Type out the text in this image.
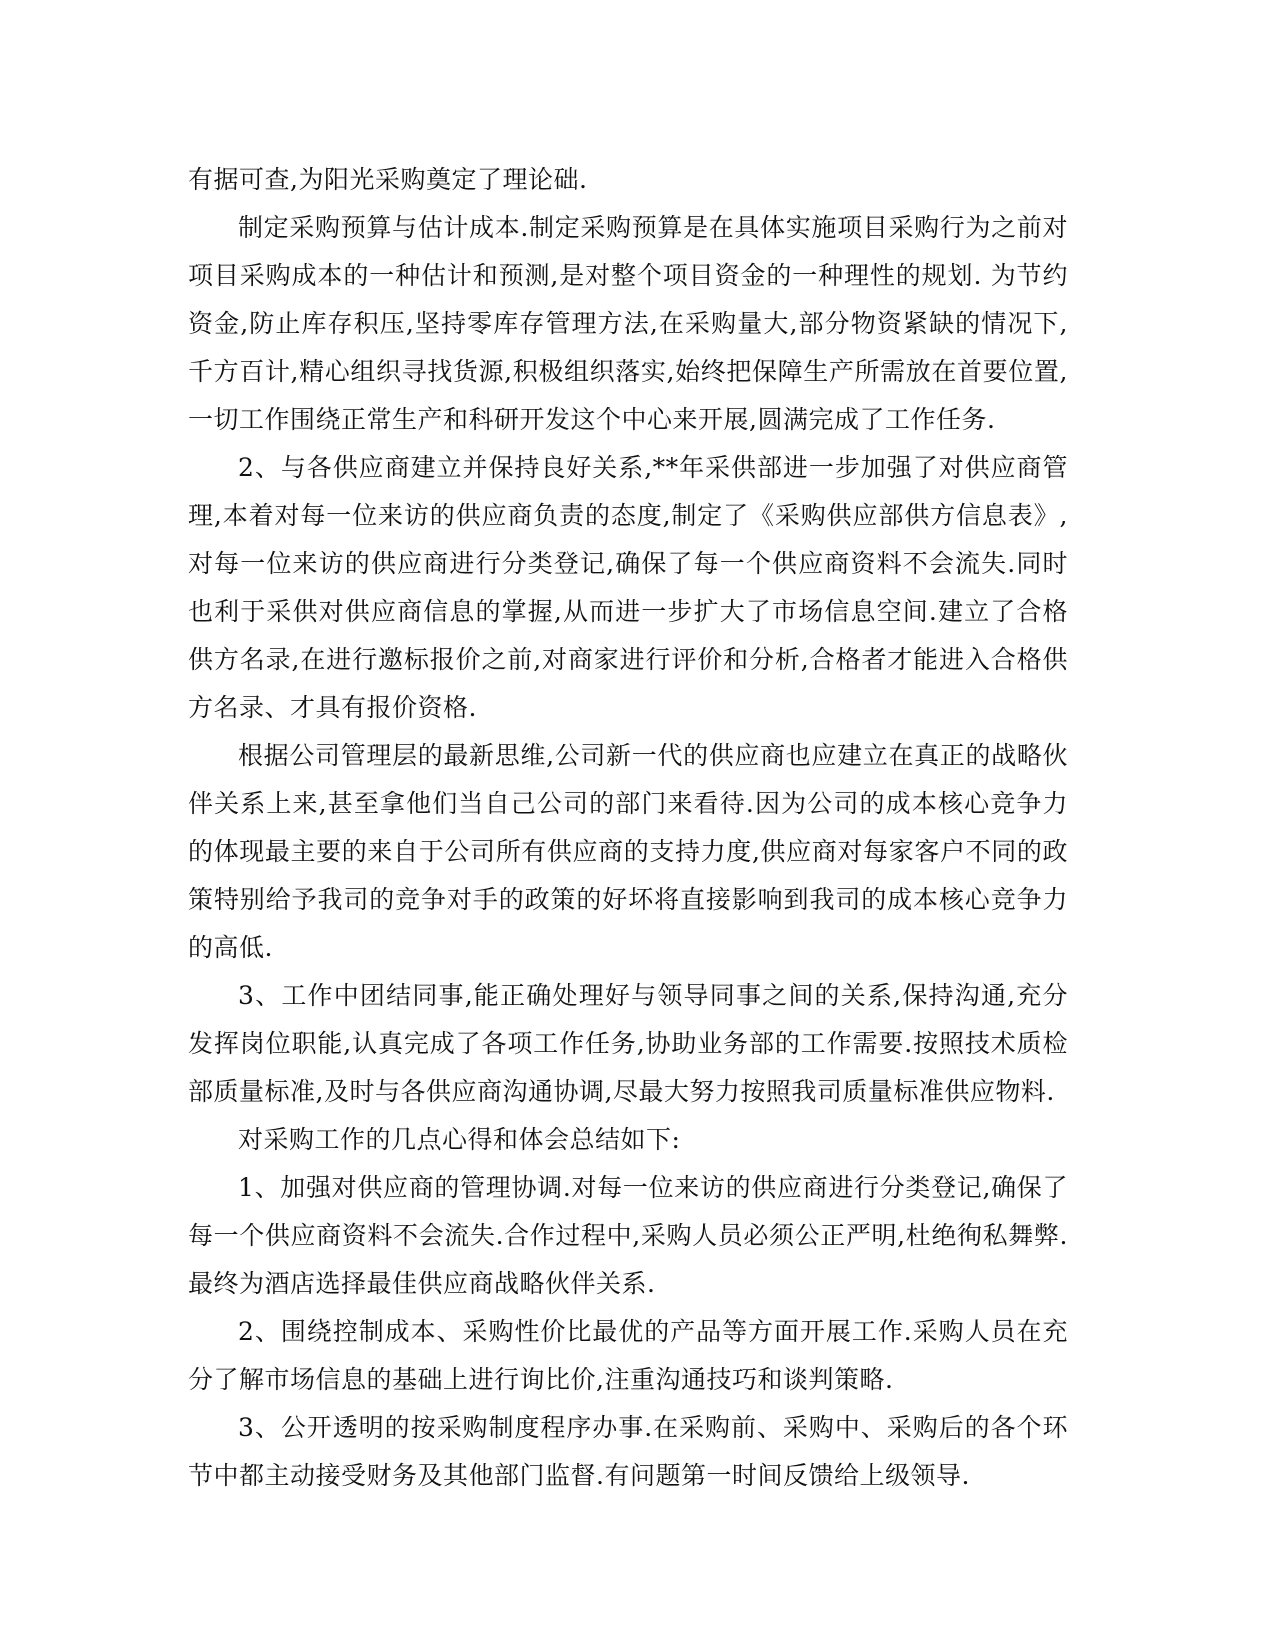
有据可查,为阳光采购奠定了理论础.

制定采购预算与估计成本.制定采购预算是在具体实施项目采购行为之前对项目采购成本的一种估计和预测,是对整个项目资金的一种理性的规划. 为节约资金,防止库存积压,坚持零库存管理方法,在采购量大,部分物资紧缺的情况下,千方百计,精心组织寻找货源,积极组织落实,始终把保障生产所需放在首要位置,一切工作围绕正常生产和科研开发这个中心来开展,圆满完成了工作任务.

2、与各供应商建立并保持良好关系,**年采供部进一步加强了对供应商管理,本着对每一位来访的供应商负责的态度,制定了《采购供应部供方信息表》,对每一位来访的供应商进行分类登记,确保了每一个供应商资料不会流失.同时也利于采供对供应商信息的掌握,从而进一步扩大了市场信息空间.建立了合格供方名录,在进行邀标报价之前,对商家进行评价和分析,合格者才能进入合格供方名录、才具有报价资格.

根据公司管理层的最新思维,公司新一代的供应商也应建立在真正的战略伙伴关系上来,甚至拿他们当自己公司的部门来看待.因为公司的成本核心竞争力的体现最主要的来自于公司所有供应商的支持力度,供应商对每家客户不同的政策特别给予我司的竞争对手的政策的好坏将直接影响到我司的成本核心竞争力的高低.

3、工作中团结同事,能正确处理好与领导同事之间的关系,保持沟通,充分发挥岗位职能,认真完成了各项工作任务,协助业务部的工作需要.按照技术质检部质量标准,及时与各供应商沟通协调,尽最大努力按照我司质量标准供应物料.

对采购工作的几点心得和体会总结如下:

1、加强对供应商的管理协调.对每一位来访的供应商进行分类登记,确保了每一个供应商资料不会流失.合作过程中,采购人员必须公正严明,杜绝徇私舞弊.最终为酒店选择最佳供应商战略伙伴关系.

2、围绕控制成本、采购性价比最优的产品等方面开展工作.采购人员在充分了解市场信息的基础上进行询比价,注重沟通技巧和谈判策略.

3、公开透明的按采购制度程序办事.在采购前、采购中、采购后的各个环节中都主动接受财务及其他部门监督.有问题第一时间反馈给上级领导.
